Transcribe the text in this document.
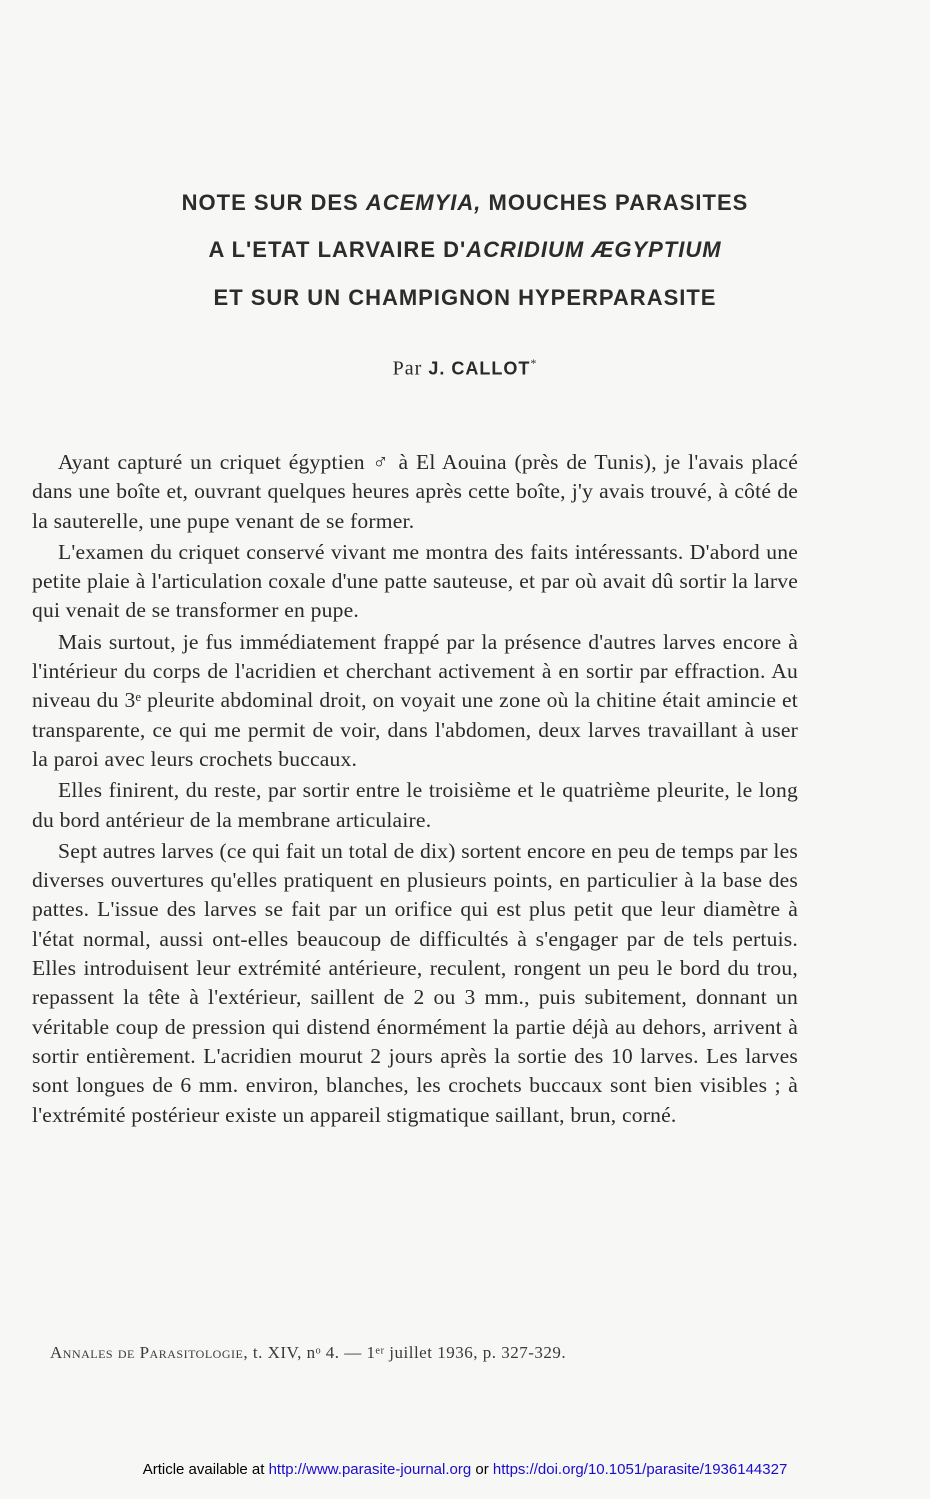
NOTE SUR DES ACEMYIA, MOUCHES PARASITES
A L'ETAT LARVAIRE D'ACRIDIUM ÆGYPTIUM
ET SUR UN CHAMPIGNON HYPERPARASITE
Par J. CALLOT*

Ayant capturé un criquet égyptien ♂ à El Aouina (près de Tunis), je l'avais placé dans une boîte et, ouvrant quelques heures après cette boîte, j'y avais trouvé, à côté de la sauterelle, une pupe venant de se former.

L'examen du criquet conservé vivant me montra des faits intéressants. D'abord une petite plaie à l'articulation coxale d'une patte sauteuse, et par où avait dû sortir la larve qui venait de se transformer en pupe.

Mais surtout, je fus immédiatement frappé par la présence d'autres larves encore à l'intérieur du corps de l'acridien et cherchant activement à en sortir par effraction. Au niveau du 3ᵉ pleurite abdominal droit, on voyait une zone où la chitine était amincie et transparente, ce qui me permit de voir, dans l'abdomen, deux larves travaillant à user la paroi avec leurs crochets buccaux.

Elles finirent, du reste, par sortir entre le troisième et le quatrième pleurite, le long du bord antérieur de la membrane articulaire.

Sept autres larves (ce qui fait un total de dix) sortent encore en peu de temps par les diverses ouvertures qu'elles pratiquent en plusieurs points, en particulier à la base des pattes. L'issue des larves se fait par un orifice qui est plus petit que leur diamètre à l'état normal, aussi ont-elles beaucoup de difficultés à s'engager par de tels pertuis. Elles introduisent leur extrémité antérieure, reculent, rongent un peu le bord du trou, repassent la tête à l'extérieur, saillent de 2 ou 3 mm., puis subitement, donnant un véritable coup de pression qui distend énormément la partie déjà au dehors, arrivent à sortir entièrement. L'acridien mourut 2 jours après la sortie des 10 larves. Les larves sont longues de 6 mm. environ, blanches, les crochets buccaux sont bien visibles ; à l'extrémité postérieur existe un appareil stigmatique saillant, brun, corné.

Annales de Parasitologie, t. XIV, nᵒ 4. — 1ᵉʳ juillet 1936, p. 327-329.
Article available at http://www.parasite-journal.org or https://doi.org/10.1051/parasite/1936144327
